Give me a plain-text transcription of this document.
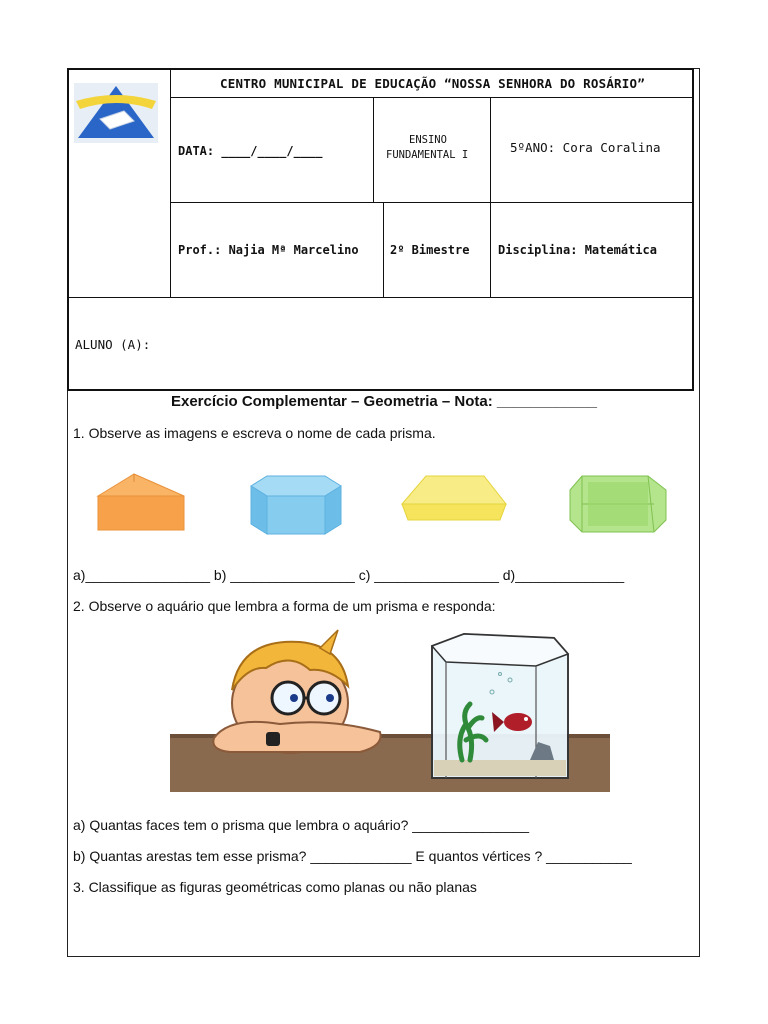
CENTRO MUNICIPAL DE EDUCAÇÃO “NOSSA SENHORA DO ROSÁRIO”
DATA: ____/____/____
ENSINO
FUNDAMENTAL I	5ºANO: Cora Coralina
Prof.: Najia Mª Marcelino	2º Bimestre Disciplina: Matemática
ALUNO (A):
Exercício Complementar – Geometria – Nota: ____________
1. Observe as imagens e escreva o nome de cada prisma.
a)________________ b) ________________ c) ________________ d)______________
2. Observe o aquário que lembra a forma de um prisma e responda:
a) Quantas faces tem o prisma que lembra o aquário? _______________
b) Quantas arestas tem esse prisma? _____________ E quantos vértices ? ___________
3. Classifique as figuras geométricas como planas ou não planas
